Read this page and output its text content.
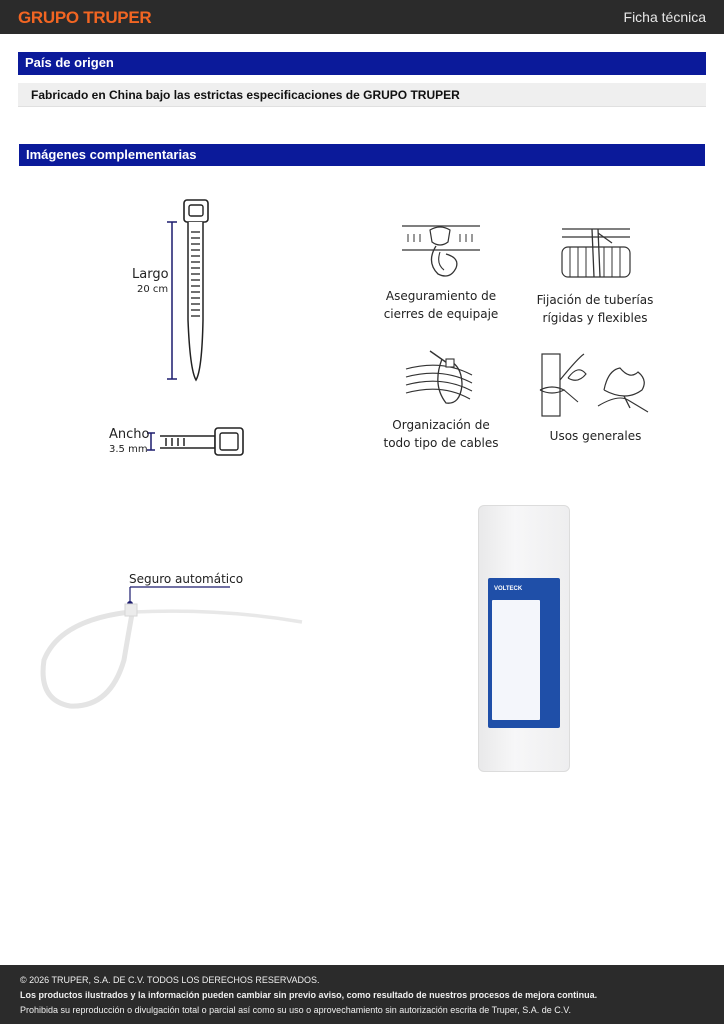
GRUPO TRUPER	Ficha técnica
País de origen
Fabricado en China bajo las estrictas especificaciones de GRUPO TRUPER
Imágenes complementarias
Largo
20 cm
Ancho
3.5 mm
Aseguramiento de
cierres de equipaje
Fijación de tuberías
rígidas y flexibles
Organización de
todo tipo de cables	Usos generales
Seguro automático
VOLTECK
© 2026 TRUPER, S.A. DE C.V. TODOS LOS DERECHOS RESERVADOS.
Los productos ilustrados y la información pueden cambiar sin previo aviso, como resultado de nuestros procesos de mejora continua.
Prohibida su reproducción o divulgación total o parcial así como su uso o aprovechamiento sin autorización escrita de Truper, S.A. de C.V.
